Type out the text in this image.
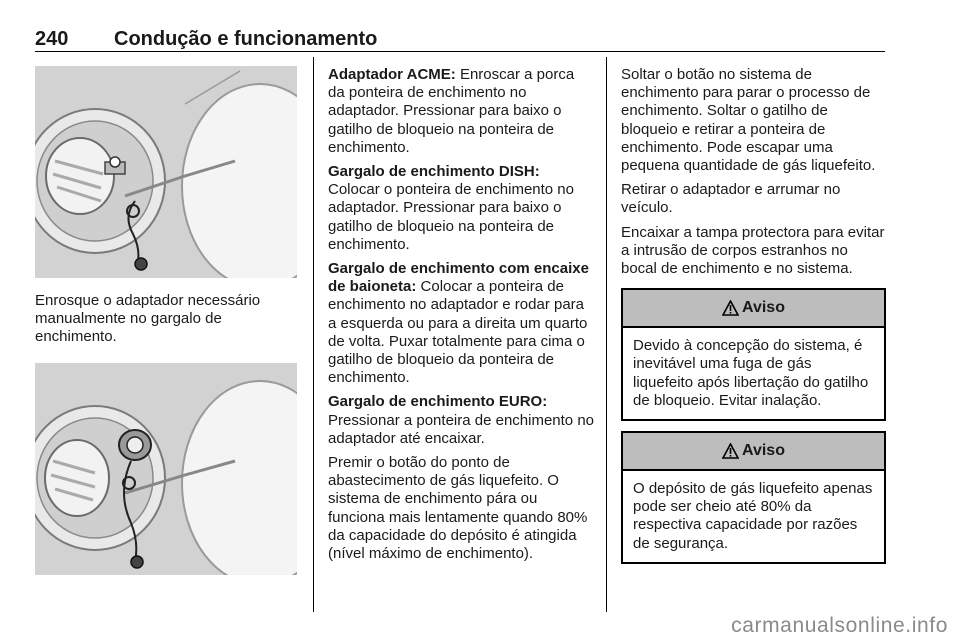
240 Condução e funcionamento
Enrosque o adaptador necessário manualmente no gargalo de enchimento.

Adaptador ACME: Enroscar a porca da ponteira de enchimento no adaptador. Pressionar para baixo o gatilho de bloqueio na ponteira de enchimento.

Gargalo de enchimento DISH: Colocar o ponteira de enchimento no adaptador. Pressionar para baixo o gatilho de bloqueio na ponteira de enchimento.

Gargalo de enchimento com encaixe de baioneta: Colocar a ponteira de enchimento no adaptador e rodar para a esquerda ou para a direita um quarto de volta. Puxar totalmente para cima o gatilho de bloqueio da ponteira de enchimento.

Gargalo de enchimento EURO: Pressionar a ponteira de enchimento no adaptador até encaixar.

Premir o botão do ponto de abastecimento de gás liquefeito. O sistema de enchimento pára ou funciona mais lentamente quando 80% da capacidade do depósito é atingida (nível máximo de enchimento).

Soltar o botão no sistema de enchimento para parar o processo de enchimento. Soltar o gatilho de bloqueio e retirar a ponteira de enchimento. Pode escapar uma pequena quantidade de gás liquefeito.

Retirar o adaptador e arrumar no veículo.

Encaixar a tampa protectora para evitar a intrusão de corpos estranhos no bocal de enchimento e no sistema.

Aviso
Devido à concepção do sistema, é inevitável uma fuga de gás liquefeito após libertação do gatilho de bloqueio. Evitar inalação.
Aviso
O depósito de gás liquefeito apenas pode ser cheio até 80% da respectiva capacidade por razões de segurança.
carmanualsonline.info
